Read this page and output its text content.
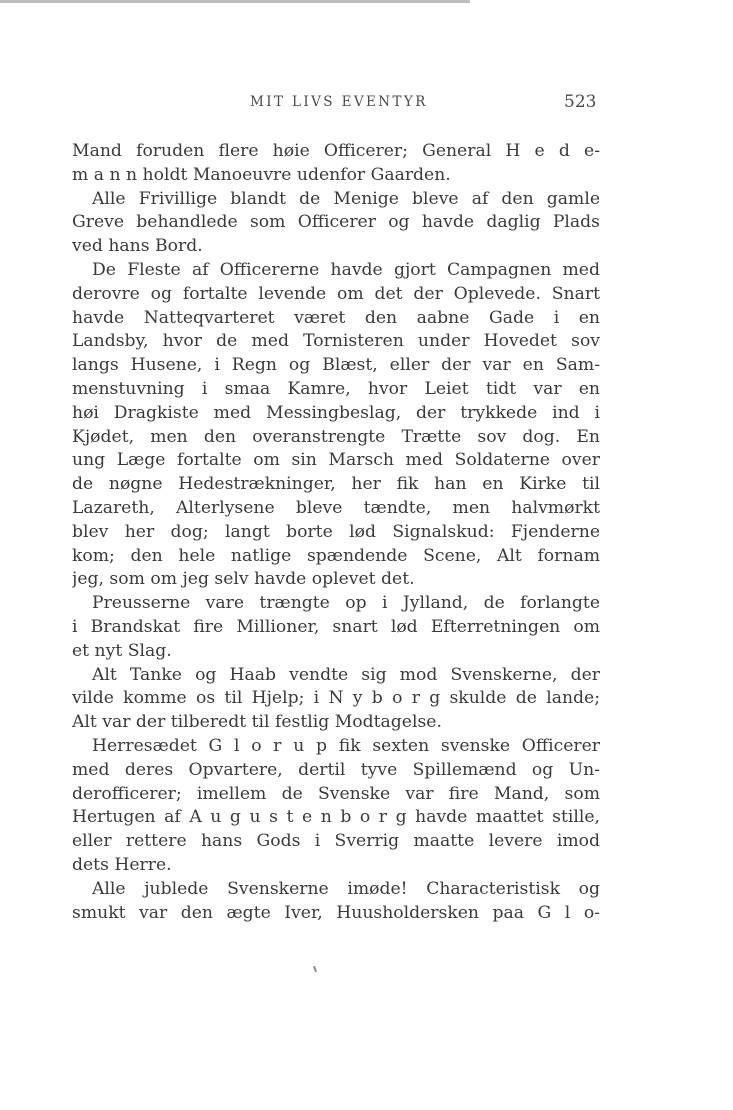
MIT LIVS EVENTYR	523
Mand foruden flere høie Officerer; General H e d e-
m a n n holdt Manoeuvre udenfor Gaarden.
Alle Frivillige blandt de Menige bleve af den gamle
Greve behandlede som Officerer og havde daglig Plads
ved hans Bord.
De Fleste af Officererne havde gjort Campagnen med
derovre og fortalte levende om det der Oplevede. Snart
havde Natteqvarteret været den aabne Gade i en
Landsby, hvor de med Tornisteren under Hovedet sov
langs Husene, i Regn og Blæst, eller der var en Sam-
menstuvning i smaa Kamre, hvor Leiet tidt var en
høi Dragkiste med Messingbeslag, der trykkede ind i
Kjødet, men den overanstrengte Trætte sov dog. En
ung Læge fortalte om sin Marsch med Soldaterne over
de nøgne Hedestrækninger, her fik han en Kirke til
Lazareth, Alterlysene bleve tændte, men halvmørkt
blev her dog; langt borte lød Signalskud: Fjenderne
kom; den hele natlige spændende Scene, Alt fornam
jeg, som om jeg selv havde oplevet det.
Preusserne vare trængte op i Jylland, de forlangte
i Brandskat fire Millioner, snart lød Efterretningen om
et nyt Slag.
Alt Tanke og Haab vendte sig mod Svenskerne, der
vilde komme os til Hjelp; i N y b o r g skulde de lande;
Alt var der tilberedt til festlig Modtagelse.
Herresædet G l o r u p fik sexten svenske Officerer
med deres Opvartere, dertil tyve Spillemænd og Un-
derofficerer; imellem de Svenske var fire Mand, som
Hertugen af A u g u s t e n b o r g havde maattet stille,
eller rettere hans Gods i Sverrig maatte levere imod
dets Herre.
Alle jublede Svenskerne imøde! Characteristisk og
smukt var den ægte Iver, Huusholdersken paa G l o-
